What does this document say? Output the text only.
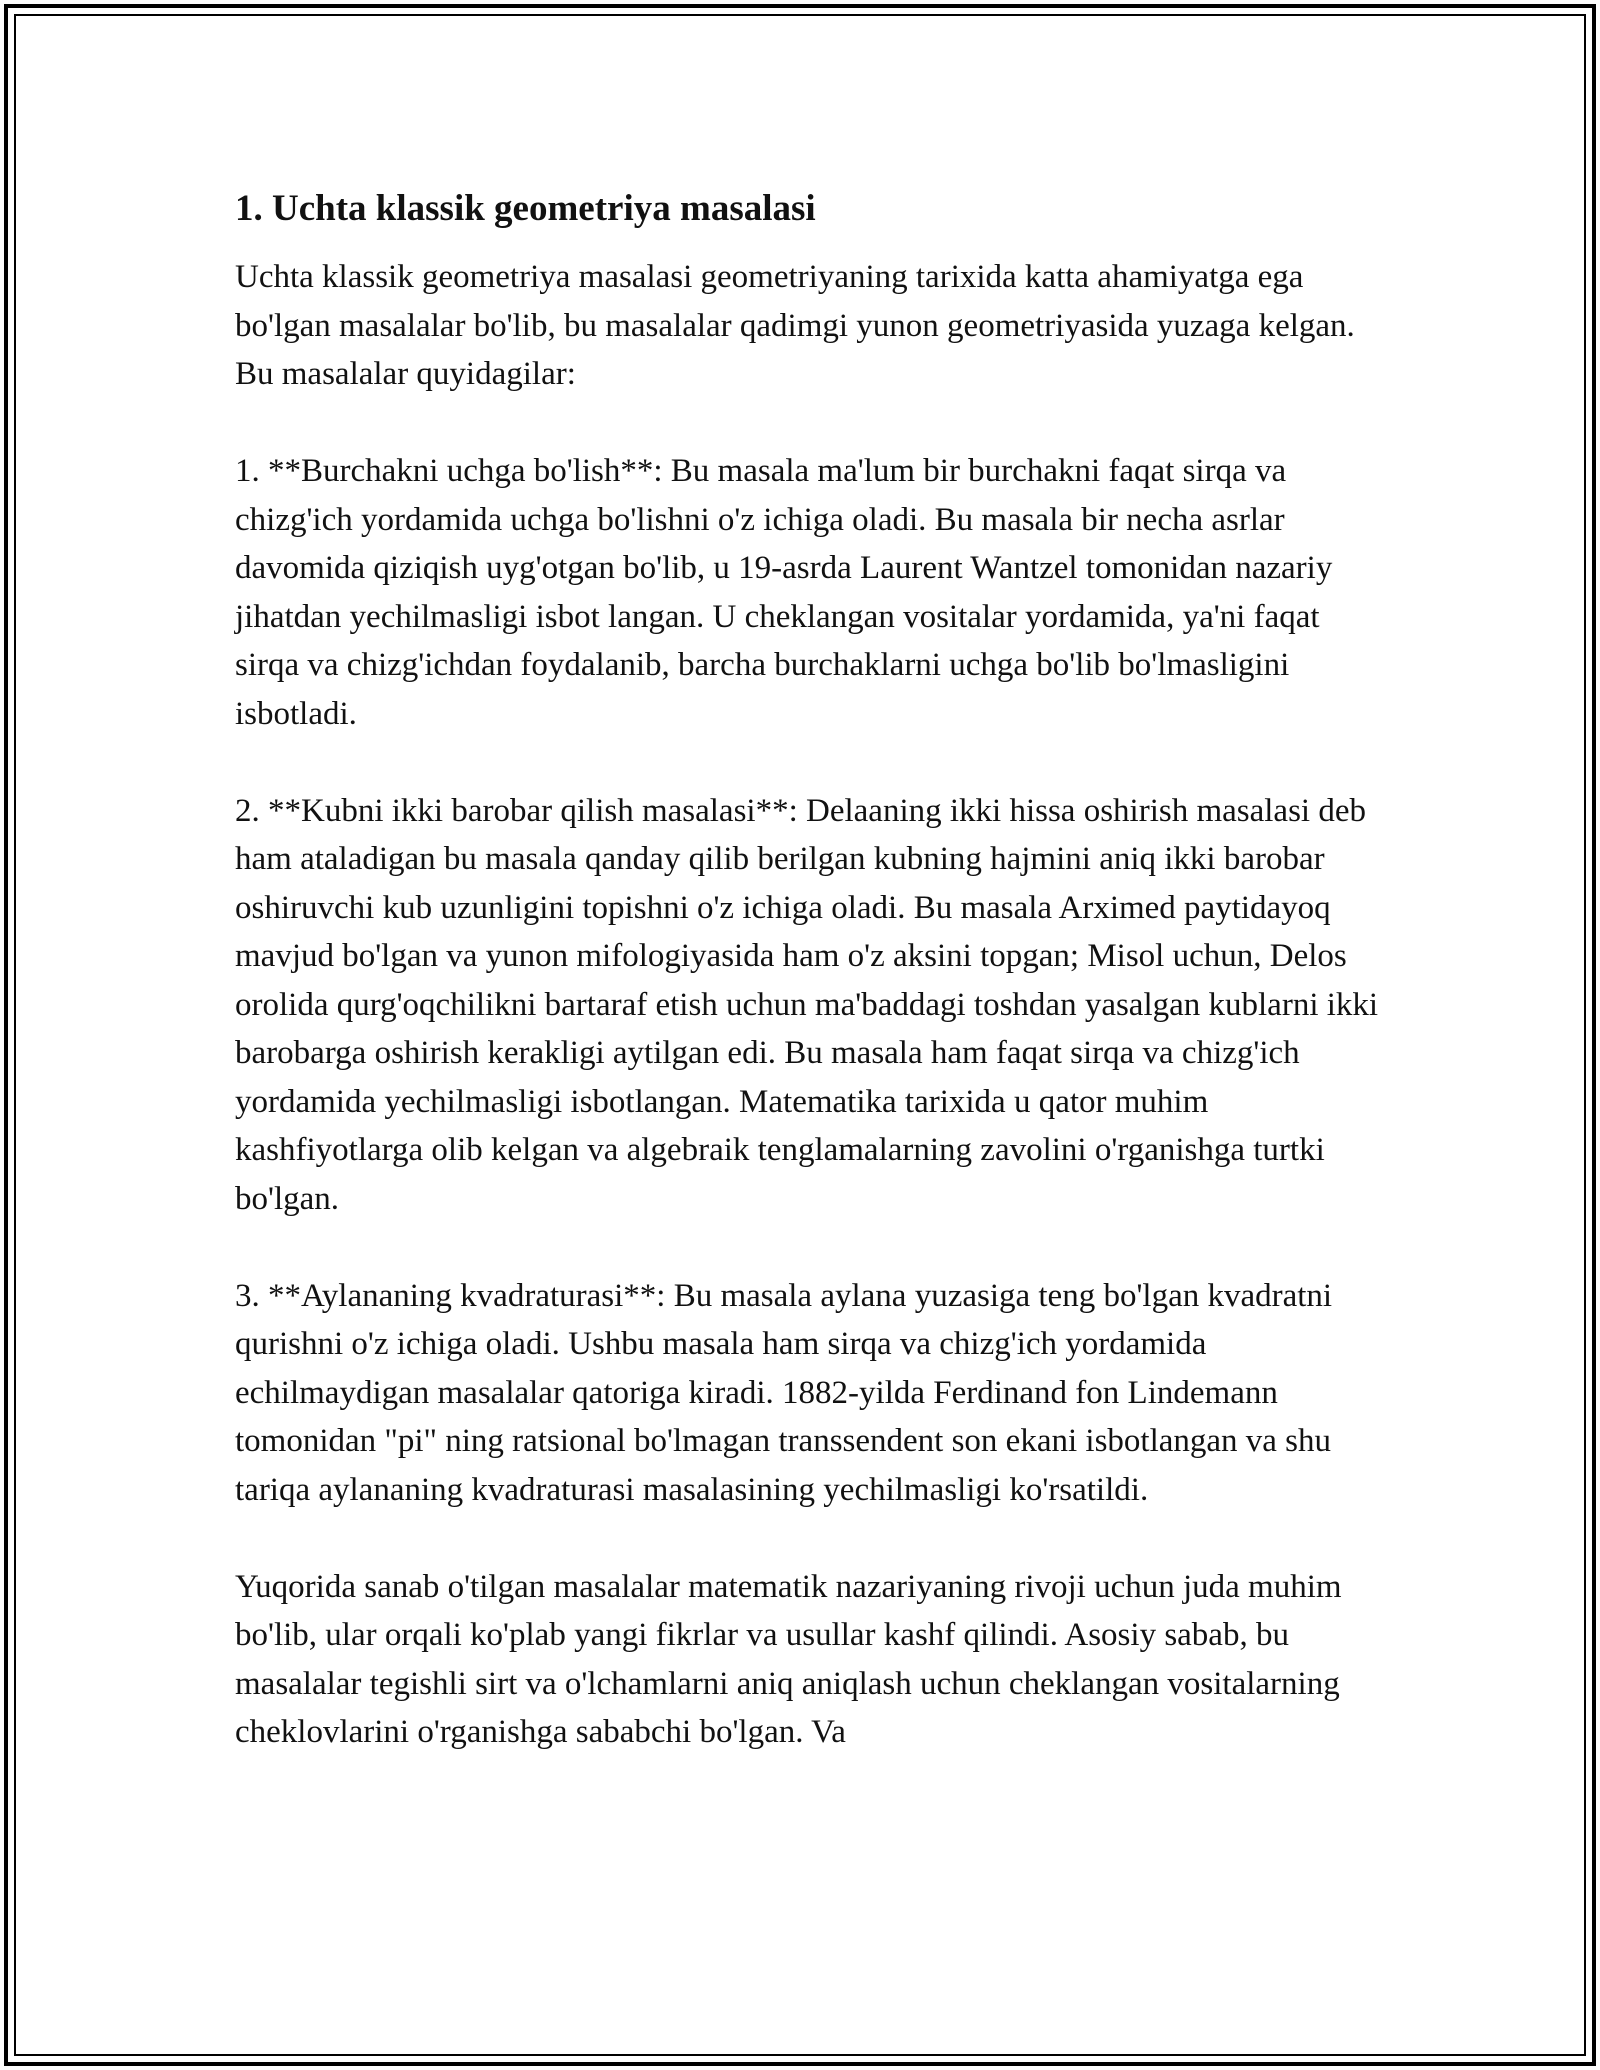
1. Uchta klassik geometriya masalasi

Uchta klassik geometriya masalasi geometriyaning tarixida katta ahamiyatga ega bo'lgan masalalar bo'lib, bu masalalar qadimgi yunon geometriyasida yuzaga kelgan. Bu masalalar quyidagilar:

1. **Burchakni uchga bo'lish**: Bu masala ma'lum bir burchakni faqat sirqa va chizg'ich yordamida uchga bo'lishni o'z ichiga oladi. Bu masala bir necha asrlar davomida qiziqish uyg'otgan bo'lib, u 19-asrda Laurent Wantzel tomonidan nazariy jihatdan yechilmasligi isbot langan. U cheklangan vositalar yordamida, ya'ni faqat sirqa va chizg'ichdan foydalanib, barcha burchaklarni uchga bo'lib bo'lmasligini isbotladi.

2. **Kubni ikki barobar qilish masalasi**: Delaaning ikki hissa oshirish masalasi deb ham ataladigan bu masala qanday qilib berilgan kubning hajmini aniq ikki barobar oshiruvchi kub uzunligini topishni o'z ichiga oladi. Bu masala Arximed paytidayoq mavjud bo'lgan va yunon mifologiyasida ham o'z aksini topgan; Misol uchun, Delos orolida qurg'oqchilikni bartaraf etish uchun ma'baddagi toshdan yasalgan kublarni ikki barobarga oshirish kerakligi aytilgan edi. Bu masala ham faqat sirqa va chizg'ich yordamida yechilmasligi isbotlangan. Matematika tarixida u qator muhim kashfiyotlarga olib kelgan va algebraik tenglamalarning zavolini o'rganishga turtki bo'lgan.

3. **Aylananing kvadraturasi**: Bu masala aylana yuzasiga teng bo'lgan kvadratni qurishni o'z ichiga oladi. Ushbu masala ham sirqa va chizg'ich yordamida echilmaydigan masalalar qatoriga kiradi. 1882-yilda Ferdinand fon Lindemann tomonidan "pi" ning ratsional bo'lmagan transsendent son ekani isbotlangan va shu tariqa aylananing kvadraturasi masalasining yechilmasligi ko'rsatildi.

Yuqorida sanab o'tilgan masalalar matematik nazariyaning rivoji uchun juda muhim bo'lib, ular orqali ko'plab yangi fikrlar va usullar kashf qilindi. Asosiy sabab, bu masalalar tegishli sirt va o'lchamlarni aniq aniqlash uchun cheklangan vositalarning cheklovlarini o'rganishga sababchi bo'lgan. Va
